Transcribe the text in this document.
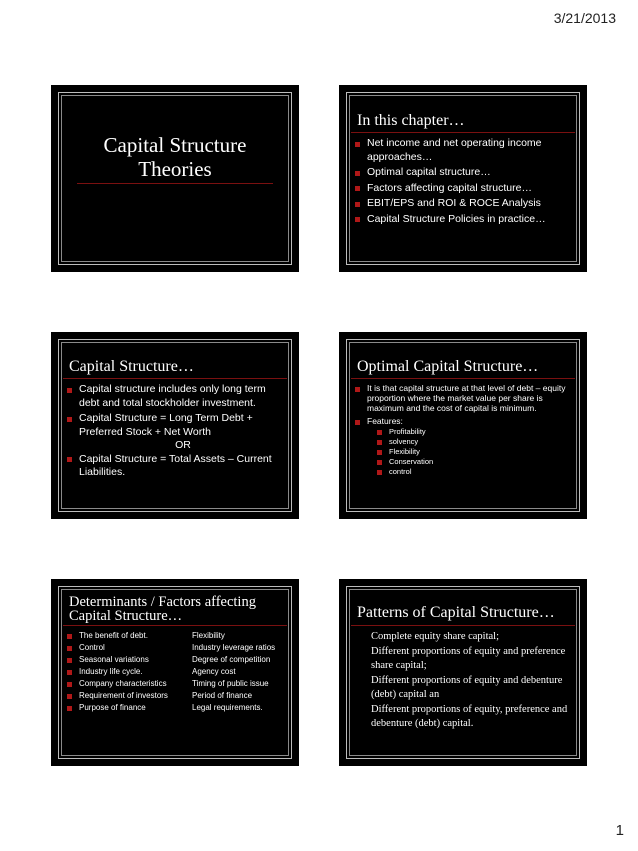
3/21/2013
Capital Structure
Theories
In this chapter…
Net income and net operating income approaches…
Optimal capital structure…
Factors affecting capital structure…
EBIT/EPS and ROI & ROCE Analysis
Capital Structure Policies in practice…
Capital Structure…
Capital structure includes only long term debt and total stockholder investment.
Capital Structure = Long Term Debt + Preferred Stock + Net Worth
OR
Capital Structure = Total Assets – Current Liabilities.
Optimal Capital Structure…
It is that capital structure at that level of debt – equity proportion where the market value per share is maximum and the cost of capital is minimum.
Features:
Profitability
solvency
Flexibility
Conservation
control
Determinants / Factors affecting
Capital Structure…
The benefit of debt.
Control
Seasonal variations
Industry life cycle.
Company characteristics
Requirement of investors
Purpose of finance
Flexibility
Industry leverage ratios
Degree of competition
Agency cost
Timing of public issue
Period of finance
Legal requirements.
Patterns of Capital Structure…
Complete equity share capital;
Different proportions of equity and preference share capital;
Different proportions of equity and debenture (debt) capital an
Different proportions of equity, preference and debenture (debt) capital.
1
